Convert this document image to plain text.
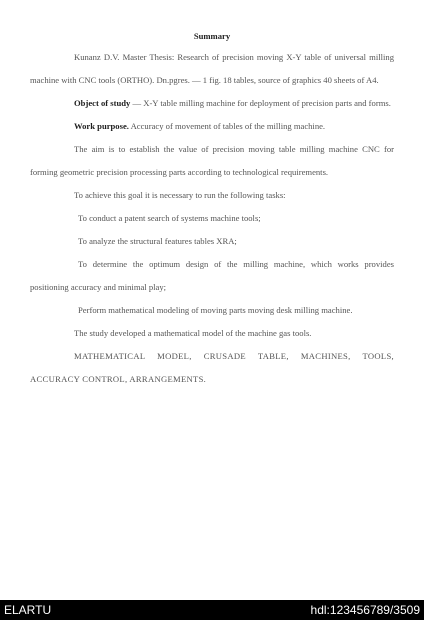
Summary

Kunanz D.V. Master Thesis: Research of precision moving X-Y table of universal milling machine with CNC tools (ORTHO). Dn.pgres. — 1 fig. 18 tables, source of graphics 40 sheets of A4.

Object of study — X-Y table milling machine for deployment of precision parts and forms.

Work purpose. Accuracy of movement of tables of the milling machine.

The aim is to establish the value of precision moving table milling machine CNC for forming geometric precision processing parts according to technological requirements.

To achieve this goal it is necessary to run the following tasks:

To conduct a patent search of systems machine tools;

To analyze the structural features tables XRA;

To determine the optimum design of the milling machine, which works provides positioning accuracy and minimal play;

Perform mathematical modeling of moving parts moving desk milling machine.

The study developed a mathematical model of the machine gas tools.

MATHEMATICAL MODEL, CRUSADE TABLE, MACHINES, TOOLS, ACCURACY CONTROL, ARRANGEMENTS.

ELARTU	hdl:123456789/3509
